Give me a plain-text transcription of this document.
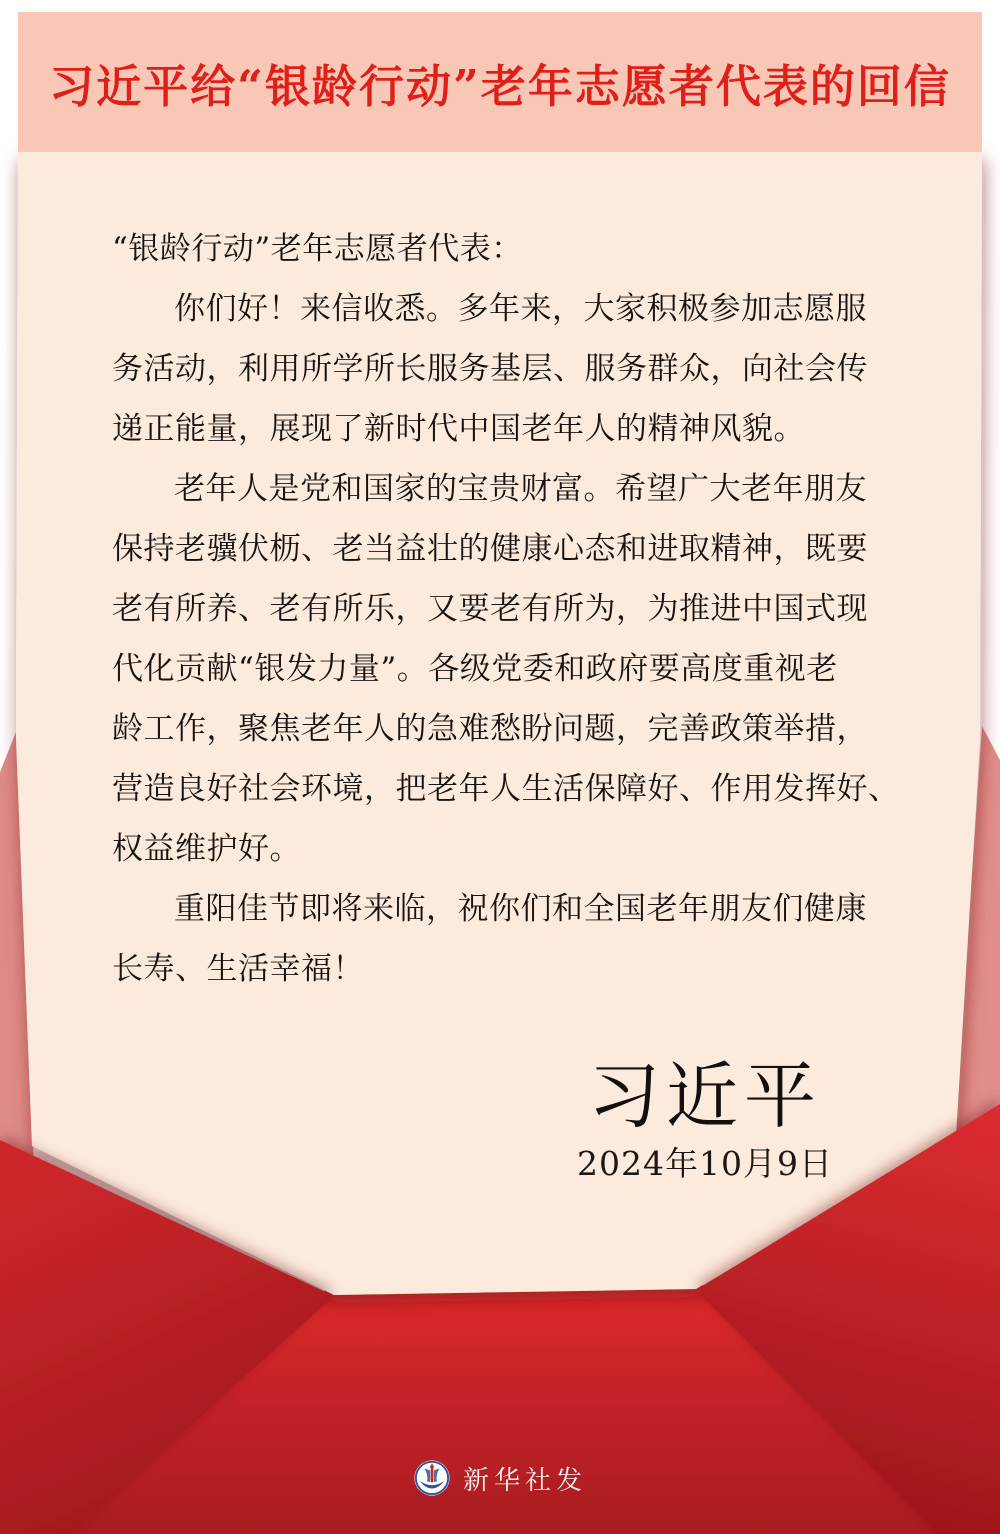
习近平给“银龄行动”老年志愿者代表的回信
“银龄行动”老年志愿者代表：
你们好！来信收悉。多年来，大家积极参加志愿服
务活动，利用所学所长服务基层、服务群众，向社会传
递正能量，展现了新时代中国老年人的精神风貌。
老年人是党和国家的宝贵财富。希望广大老年朋友
保持老骥伏枥、老当益壮的健康心态和进取精神，既要
老有所养、老有所乐，又要老有所为，为推进中国式现
代化贡献“银发力量”。各级党委和政府要高度重视老
龄工作，聚焦老年人的急难愁盼问题，完善政策举措，
营造良好社会环境，把老年人生活保障好、作用发挥好、
权益维护好。
重阳佳节即将来临，祝你们和全国老年朋友们健康
长寿、生活幸福！
习近平
2024年10月9日
新华社发
